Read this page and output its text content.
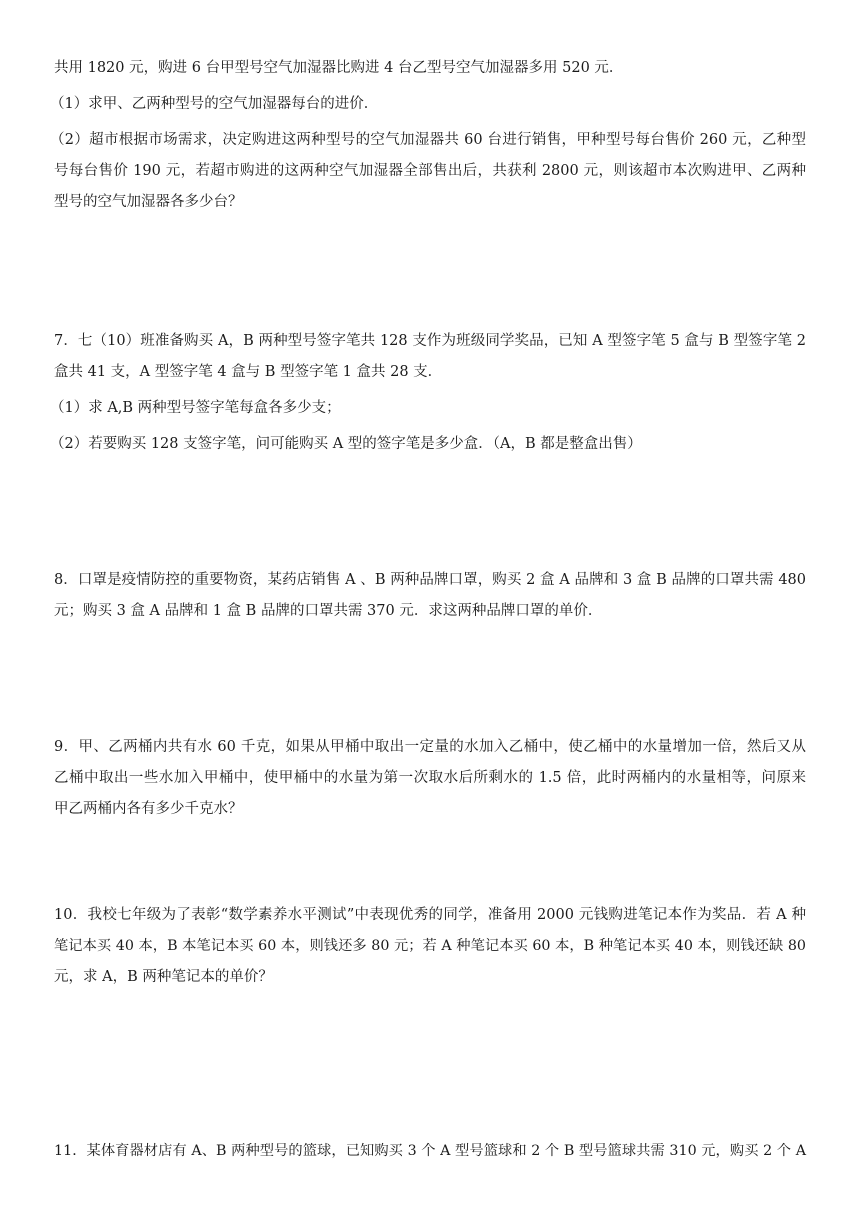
共用 1820 元，购进 6 台甲型号空气加湿器比购进 4 台乙型号空气加湿器多用 520 元．
（1）求甲、乙两种型号的空气加湿器每台的进价．
（2）超市根据市场需求，决定购进这两种型号的空气加湿器共 60 台进行销售，甲种型号每台售价 260 元，乙种型
号每台售价 190 元，若超市购进的这两种空气加湿器全部售出后，共获利 2800 元，则该超市本次购进甲、乙两种
型号的空气加湿器各多少台？
7．七（10）班准备购买 A，B 两种型号签字笔共 128 支作为班级同学奖品，已知 A 型签字笔 5 盒与 B 型签字笔 2
盒共 41 支，A 型签字笔 4 盒与 B 型签字笔 1 盒共 28 支．
（1）求 A,B 两种型号签字笔每盒各多少支；
（2）若要购买 128 支签字笔，问可能购买 A 型的签字笔是多少盒．（A，B 都是整盒出售）
8．口罩是疫情防控的重要物资，某药店销售 A 、B 两种品牌口罩，购买 2 盒 A 品牌和 3 盒 B 品牌的口罩共需 480
元；购买 3 盒 A 品牌和 1 盒 B 品牌的口罩共需 370 元．求这两种品牌口罩的单价．
9．甲、乙两桶内共有水 60 千克，如果从甲桶中取出一定量的水加入乙桶中，使乙桶中的水量增加一倍，然后又从
乙桶中取出一些水加入甲桶中，使甲桶中的水量为第一次取水后所剩水的 1.5 倍，此时两桶内的水量相等，问原来
甲乙两桶内各有多少千克水？
10．我校七年级为了表彰“数学素养水平测试”中表现优秀的同学，准备用 2000 元钱购进笔记本作为奖品．若 A 种
笔记本买 40 本，B 本笔记本买 60 本，则钱还多 80 元；若 A 种笔记本买 60 本，B 种笔记本买 40 本，则钱还缺 80
元，求 A，B 两种笔记本的单价？
11．某体育器材店有 A、B 两种型号的篮球，已知购买 3 个 A 型号篮球和 2 个 B 型号篮球共需 310 元，购买 2 个 A
